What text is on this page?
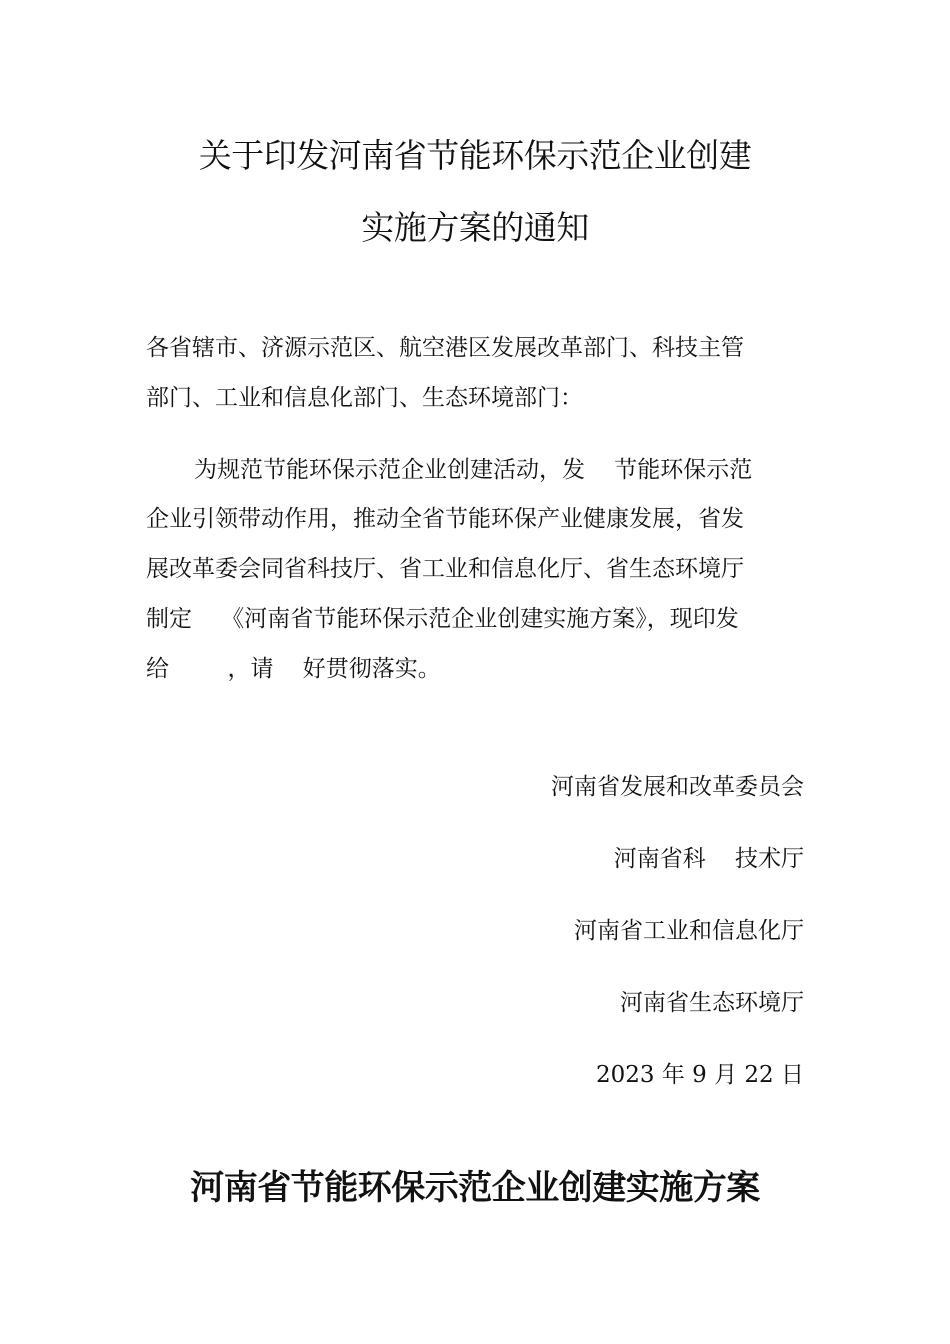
关于印发河南省节能环保示范企业创建
实施方案的通知
各省辖市、济源示范区、航空港区发展改革部门、科技主管
部门、工业和信息化部门、生态环境部门：
为规范节能环保示范企业创建活动，发    节能环保示范
企业引领带动作用，推动全省节能环保产业健康发展，省发
展改革委会同省科技厅、省工业和信息化厅、省生态环境厅
制定    《河南省节能环保示范企业创建实施方案》，现印发
给        ，请    好贯彻落实。
河南省发展和改革委员会
河南省科    技术厅
河南省工业和信息化厅
河南省生态环境厅
2023 年 9 月 22 日
河南省节能环保示范企业创建实施方案
